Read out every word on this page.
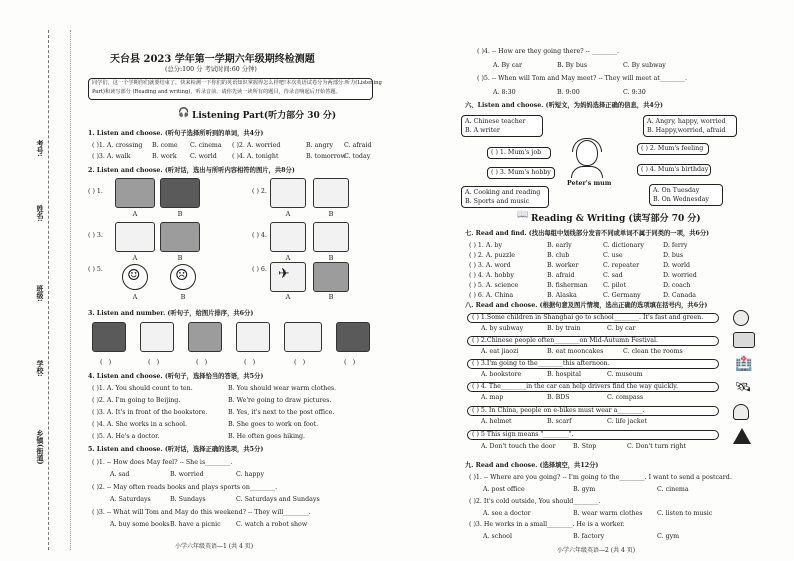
考号:
姓名:
班级:
学校:
乡镇(街道)
天台县 2023 学年第一学期六年级期终检测题
(总分:100 分 考试时间:60 分钟)
同学们，这一个学期你们就要结束了，快来检测一下你们的英语知识掌握得怎么样吧!本次英语试卷分为两部分:听力(Listening
Part)和读写部分 (Reading and writing)，听录音前，请你先读一读所有的题目，待录音响起后开始答题。
🎧 Listening Part(听力部分 30 分)
1. Listen and choose. (听句子选择所听到的单词，共4分)
( )1. A. crossing B. come C. cinema ( )2. A. worried	B. angry C. afraid
( )3. A. walk	B. work C. world ( )4. A. tonight	B. tomorrow
C. today
2. Listen and choose. (听对话，选出与所听内容相符的图片，共8分)
( ) 1.
A	B
( ) 2.
A	B
( ) 3.
A	B
( ) 4.
A	B
( ) 5. ☺ ☹
A	B
( ) 6. ✈
A	B
3. Listen and number. (听句子，给图片排序，共6分)
( )	( )	( )	( )	( )	( )
4. Listen and choose. (听句子，选择恰当的答语，共5分)
( )1. A. You should count to ten.	B. You should wear warm clothes.
( )2. A. I'm going to Beijing.	B. We're going to draw pictures.
( )3. A. It's in front of the bookstore.	B. Yes, it's next to the post office.
( )4. A. She works in a school.	B. She goes to work on foot.
( )5. A. He's a doctor.	B. He often goes hiking.
5. Listen and choose. (听对话，选择正确的选项，共5分)
( )1. -- How does May feel? -- She is________.
A. sad	B. worried	C. happy
( )2. -- May often reads books and plays sports on________.
A. Saturdays	B. Sundays	C. Saturdays and Sundays
( )3. -- What will Tom and May do this weekend? -- They will________.
A. buy some books B. have a picnic C. watch a robot show
小学六年级英语—1 (共 4 页)
( )4. -- How are they going there? -- ________.
A. By car	B. By bus	C. By subway
( )5. -- When will Tom and May meet? -- They will meet at________.
A. 8:30	B. 9:00	C. 9:30
六、Listen and choose. (听短文，为妈妈选择正确的信息，共4分)
A. Chinese teacher
B. A writer
A. Angry, happy, worried
B. Happy,worried, afraid
( ) 1. Mum's job
( ) 2. Mum's feeling
( ) 3. Mum's hobby	( ) 4. Mum's birthday
Peter's mum
A. Cooking and reading
B. Sports and music
A. On Tuesday
B. On Wednesday
📖 Reading & Writing (读写部分 70 分)
七. Read and find. (找出每组中划线部分发音不同或单词不属于同类的一项，共6分)
( ) 1. A. by	B. early	C. dictionary	D. ferry
( ) 2. A. puzzle	B. club	C. use	D. bus
( ) 3. A. word	B. worker	C. repeater	D. world
( ) 4. A. hobby	B. afraid	C. sad	D. worried
( ) 5. A. science	B. fisherman C. pilot	D. coach
( ) 6. A. China	B. Alaska	C. Germany	D. Canada
八. Read and choose. (根据句意及图片情境，选出正确的选项填在括号内，共6分)
( ) 1.Some children in Shanghai go to school________. It's fast and green.
A. by subway	B. by train	C. by car
( ) 2.Chinese people often________on Mid-Autumn Festival.
A. eat jiaozi	B. eat mooncakes	C. clean the rooms
( ) 3.I'm going to the________this afternoon.
A. bookstore	B. hospital	C. museum
🏥
( ) 4. The________in the car can help drivers find the way quickly.
A. map	B. BDS	C. compass
🛰
( ) 5. In China, people on e-bikes must wear a________.
A. helmet	B. scarf	C. life jacket
( ) 5 This sign means "________".
A. Don't touch the door	B. Stop	C. Don't turn right
九. Read and choose. (选择填空，共12分)
( )1. -- Where are you going? -- I'm going to the________. I want to send a postcard.
A. post office	B. gym	C. cinema
( )2. It's cold outside, You should________.
A. see a doctor	B. wear warm clothes C. listen to music
( )3. He works in a small________. He is a worker.
A. school	B. factory	C. gym
小学六年级英语—2 (共 4 页)
